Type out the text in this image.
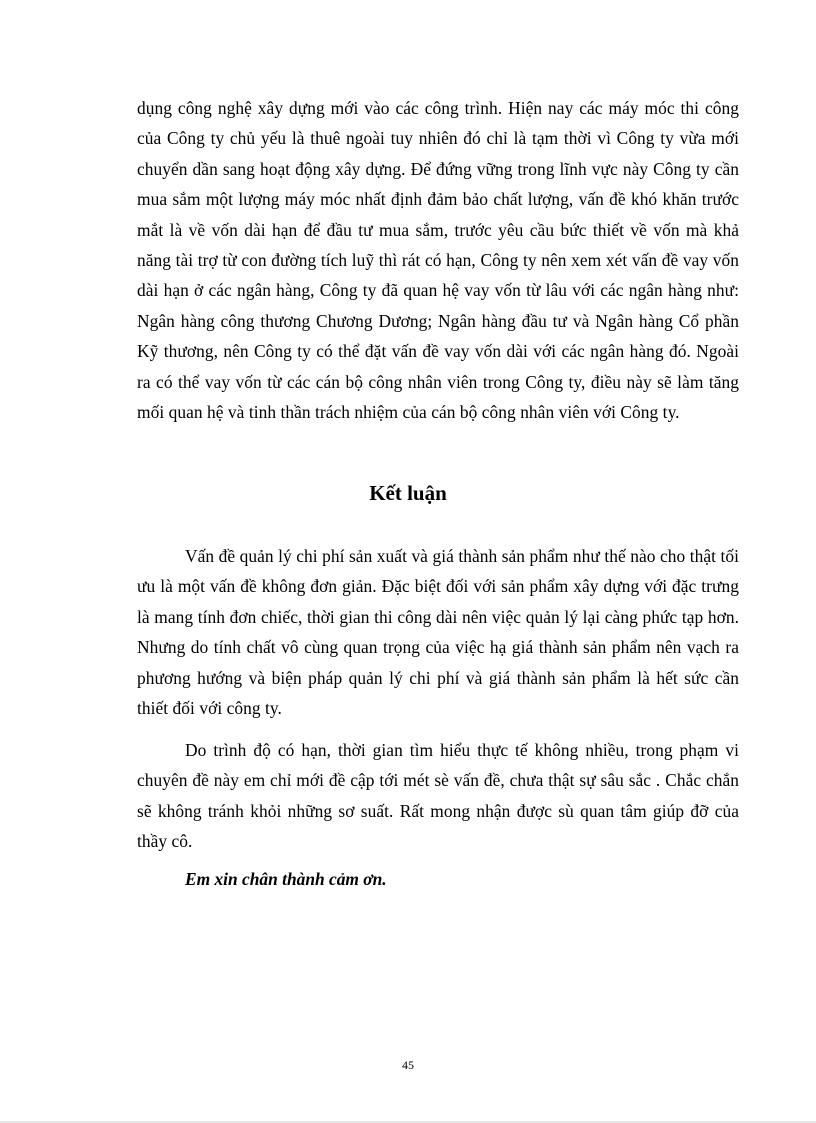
dụng công nghệ xây dựng mới vào các công trình. Hiện nay các máy móc thi công của Công ty chủ yếu là thuê ngoài tuy nhiên đó chỉ là tạm thời vì Công ty vừa mới chuyển dần sang hoạt động xây dựng. Để đứng vững trong lĩnh vực này Công ty cần mua sắm một lượng máy móc nhất định đảm bảo chất lượng, vấn đề khó khăn trước mắt là về vốn dài hạn để đầu tư mua sắm, trước yêu cầu bức thiết về vốn mà khả năng tài trợ từ con đường tích luỹ thì rát có hạn, Công ty nên xem xét vấn đề vay vốn dài hạn ở các ngân hàng, Công ty đã quan hệ vay vốn từ lâu với các ngân hàng như: Ngân hàng công thương Chương Dương; Ngân hàng đầu tư và Ngân hàng Cổ phần Kỹ thương, nên Công ty có thể đặt vấn đề vay vốn dài với các ngân hàng đó. Ngoài ra có thể vay vốn từ các cán bộ công nhân viên trong Công ty, điều này sẽ làm tăng mối quan hệ và tinh thần trách nhiệm của cán bộ công nhân viên với Công ty.

Kết luận

Vấn đề quản lý chi phí sản xuất và giá thành sản phẩm như thế nào cho thật tối ưu là một vấn đề không đơn giản. Đặc biệt đối với sản phẩm xây dựng với đặc trưng là mang tính đơn chiếc, thời gian thi công dài nên việc quản lý lại càng phức tạp hơn. Nhưng do tính chất vô cùng quan trọng của việc hạ giá thành sản phẩm nên vạch ra phương hướng và biện pháp quản lý chi phí và giá thành sản phẩm là hết sức cần thiết đối với công ty.

Do trình độ có hạn, thời gian tìm hiểu thực tế không nhiều, trong phạm vi chuyên đề này em chỉ mới đề cập tới mét sè vấn đề, chưa thật sự sâu sắc . Chắc chắn sẽ không tránh khỏi những sơ suất. Rất mong nhận được sù quan tâm giúp đỡ của thầy cô.

Em xin chân thành cảm ơn.

45
